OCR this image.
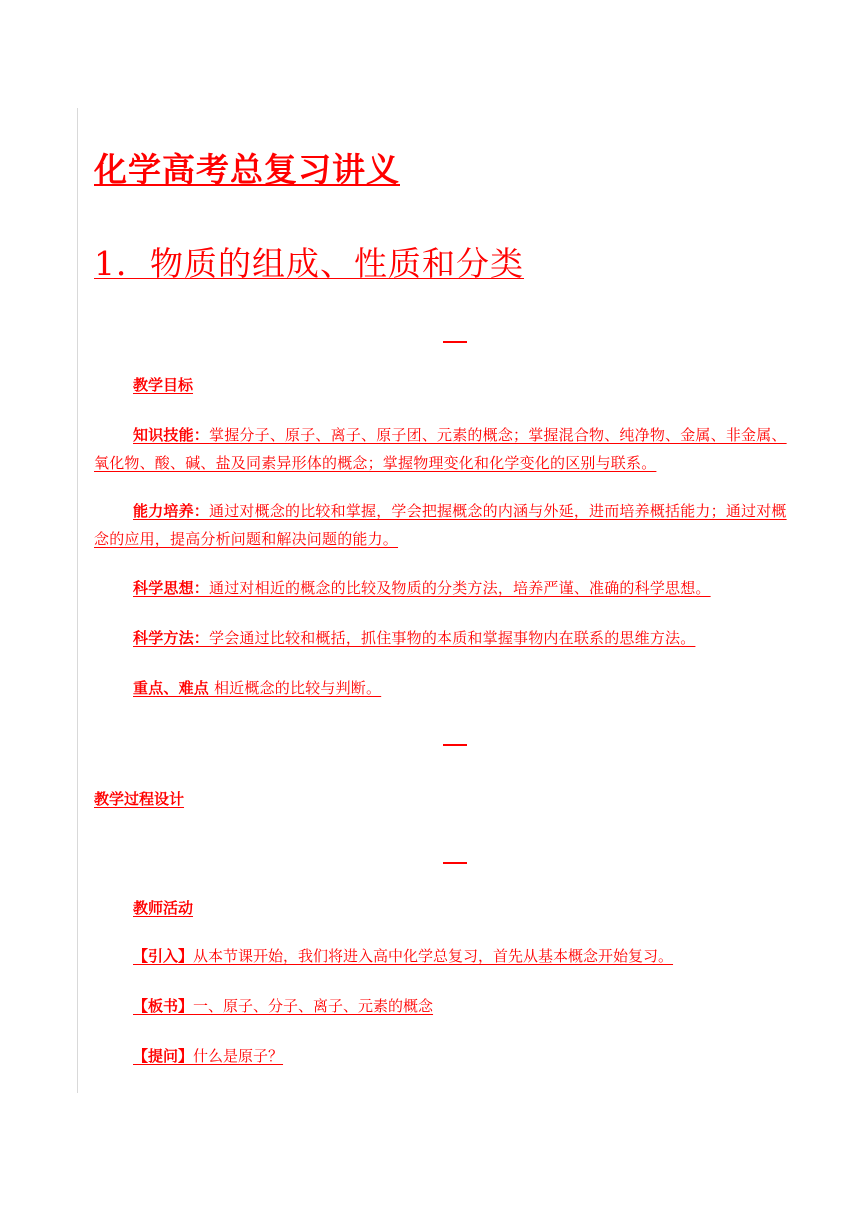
化学高考总复习讲义
1．物质的组成、性质和分类
教学目标
知识技能：掌握分子、原子、离子、原子团、元素的概念；掌握混合物、纯净物、金属、非金属、氧化物、酸、碱、盐及同素异形体的概念；掌握物理变化和化学变化的区别与联系。
能力培养：通过对概念的比较和掌握，学会把握概念的内涵与外延，进而培养概括能力；通过对概念的应用，提高分析问题和解决问题的能力。
科学思想：通过对相近的概念的比较及物质的分类方法，培养严谨、准确的科学思想。
科学方法：学会通过比较和概括，抓住事物的本质和掌握事物内在联系的思维方法。
重点、难点 相近概念的比较与判断。
教学过程设计
教师活动
【引入】从本节课开始，我们将进入高中化学总复习，首先从基本概念开始复习。
【板书】一、原子、分子、离子、元素的概念
【提问】什么是原子？
